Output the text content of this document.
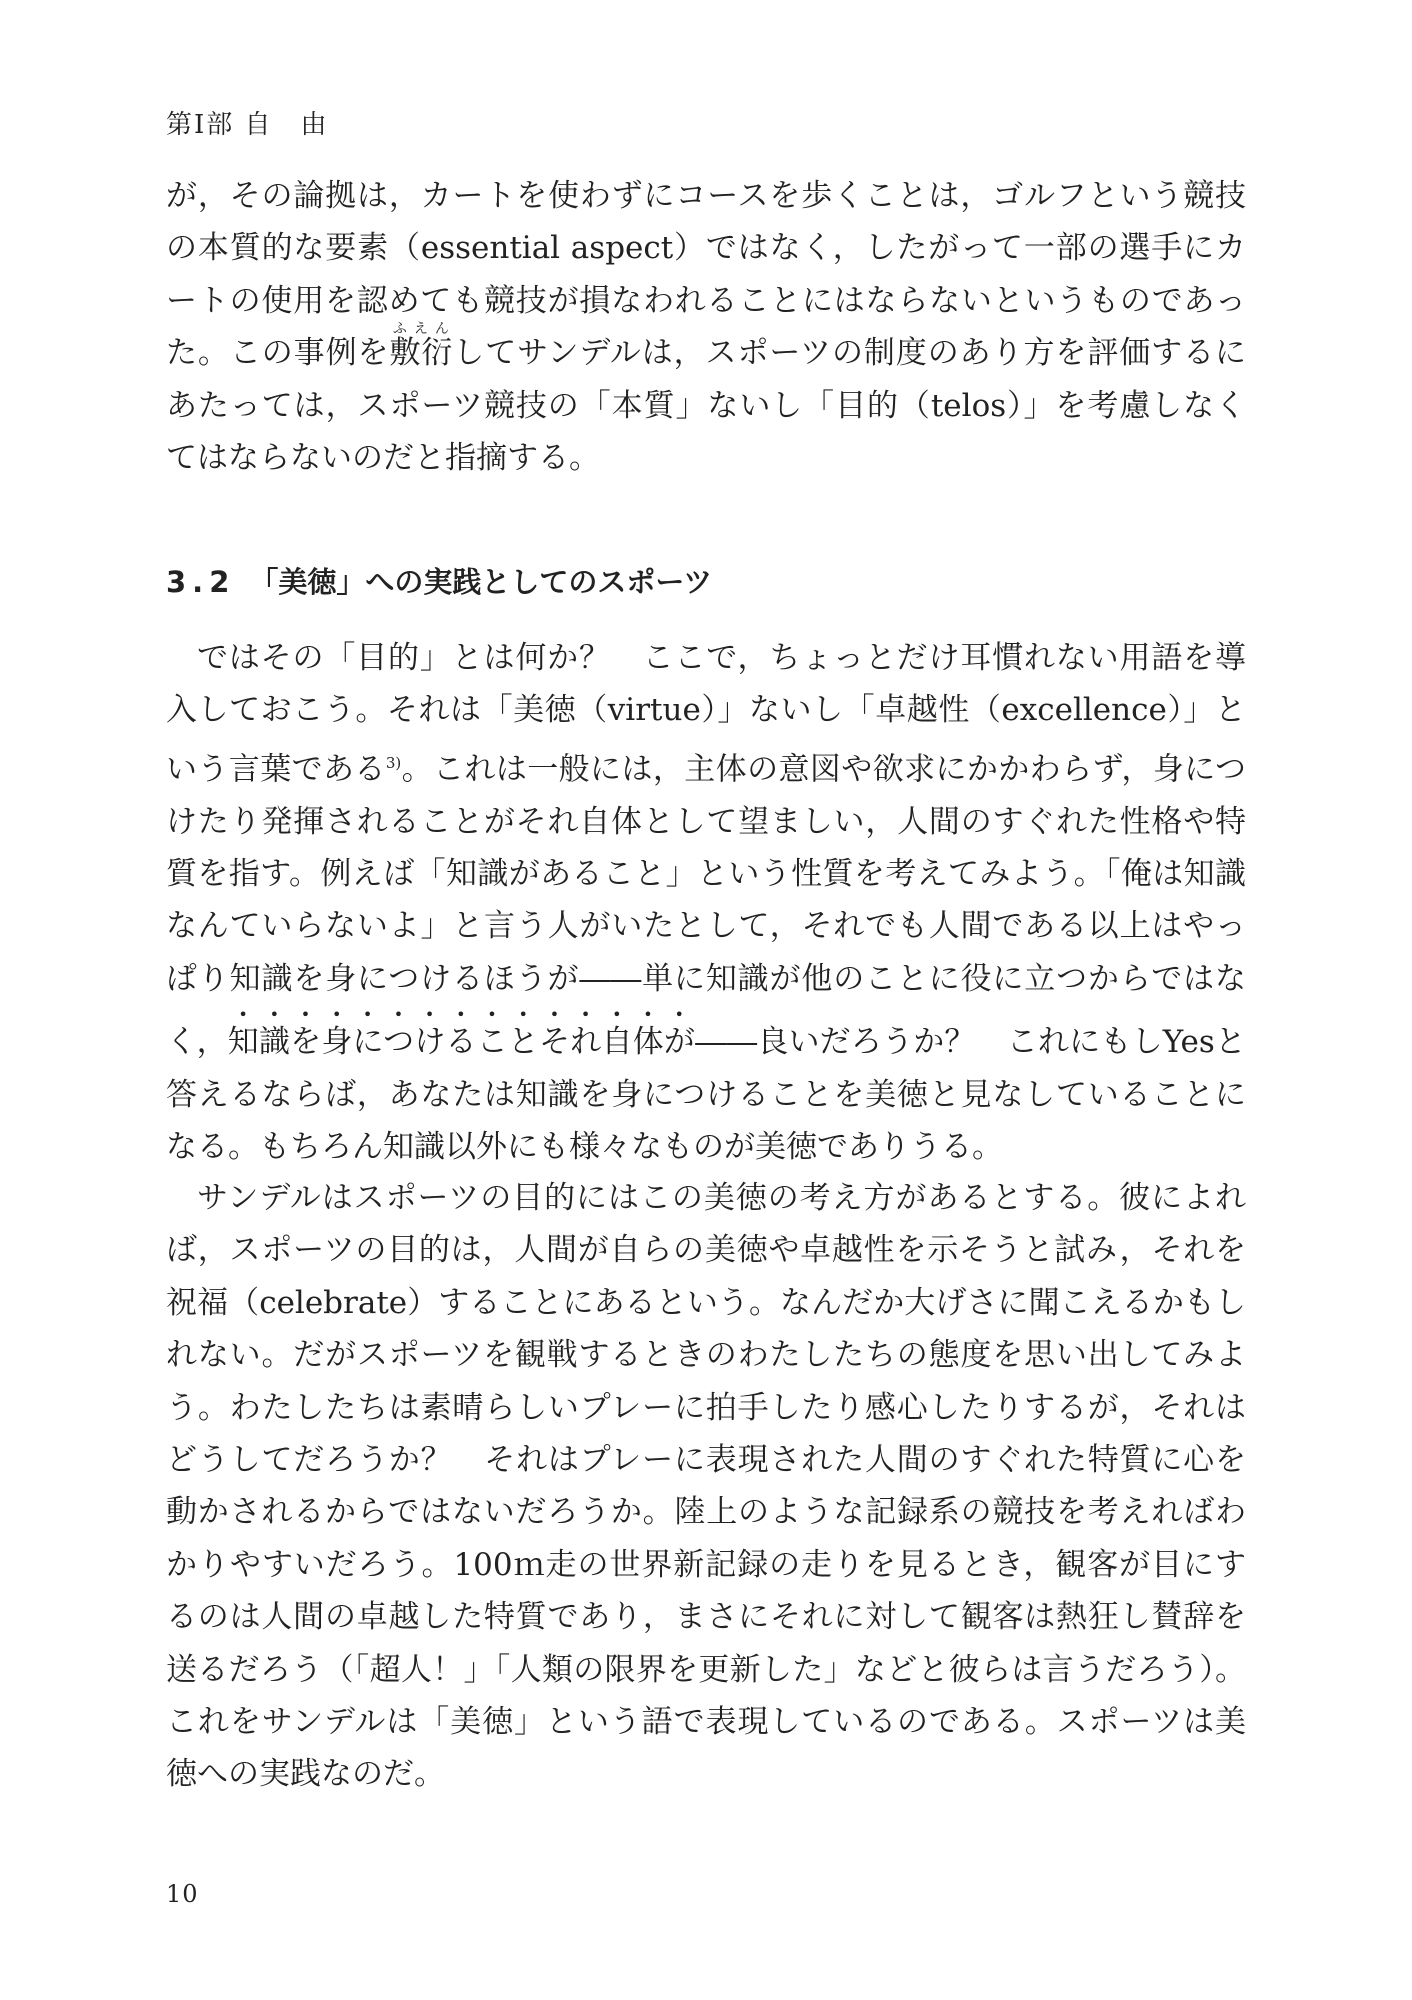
第Ⅰ部 自　由

が，その論拠は，カートを使わずにコースを歩くことは，ゴルフという競技の本質的な要素（essential aspect）ではなく，したがって一部の選手にカートの使用を認めても競技が損なわれることにはならないというものであった。この事例を敷衍ふえんしてサンデルは，スポーツの制度のあり方を評価するにあたっては，スポーツ競技の「本質」ないし「目的（telos）」を考慮しなくてはならないのだと指摘する。

3.2 「美徳」への実践としてのスポーツ

ではその「目的」とは何か？　ここで，ちょっとだけ耳慣れない用語を導入しておこう。それは「美徳（virtue）」ないし「卓越性（excellence）」という言葉である$^{3)}$。これは一般には，主体の意図や欲求にかかわらず，身につけたり発揮されることがそれ自体として望ましい，人間のすぐれた性格や特質を指す。例えば「知識があること」という性質を考えてみよう。「俺は知識なんていらないよ」と言う人がいたとして，それでも人間である以上はやっぱり知識を身につけるほうが――単に知識が他のことに役に立つからではなく，知識を身につけることそれ自体が――良いだろうか？　これにもしYesと答えるならば，あなたは知識を身につけることを美徳と見なしていることになる。もちろん知識以外にも様々なものが美徳でありうる。

サンデルはスポーツの目的にはこの美徳の考え方があるとする。彼によれば，スポーツの目的は，人間が自らの美徳や卓越性を示そうと試み，それを祝福（celebrate）することにあるという。なんだか大げさに聞こえるかもしれない。だがスポーツを観戦するときのわたしたちの態度を思い出してみよう。わたしたちは素晴らしいプレーに拍手したり感心したりするが，それはどうしてだろうか？　それはプレーに表現された人間のすぐれた特質に心を動かされるからではないだろうか。陸上のような記録系の競技を考えればわかりやすいだろう。100ｍ走の世界新記録の走りを見るとき，観客が目にするのは人間の卓越した特質であり，まさにそれに対して観客は熱狂し賛辞を送るだろう（「超人！」「人類の限界を更新した」などと彼らは言うだろう）。これをサンデルは「美徳」という語で表現しているのである。スポーツは美徳への実践なのだ。

10
